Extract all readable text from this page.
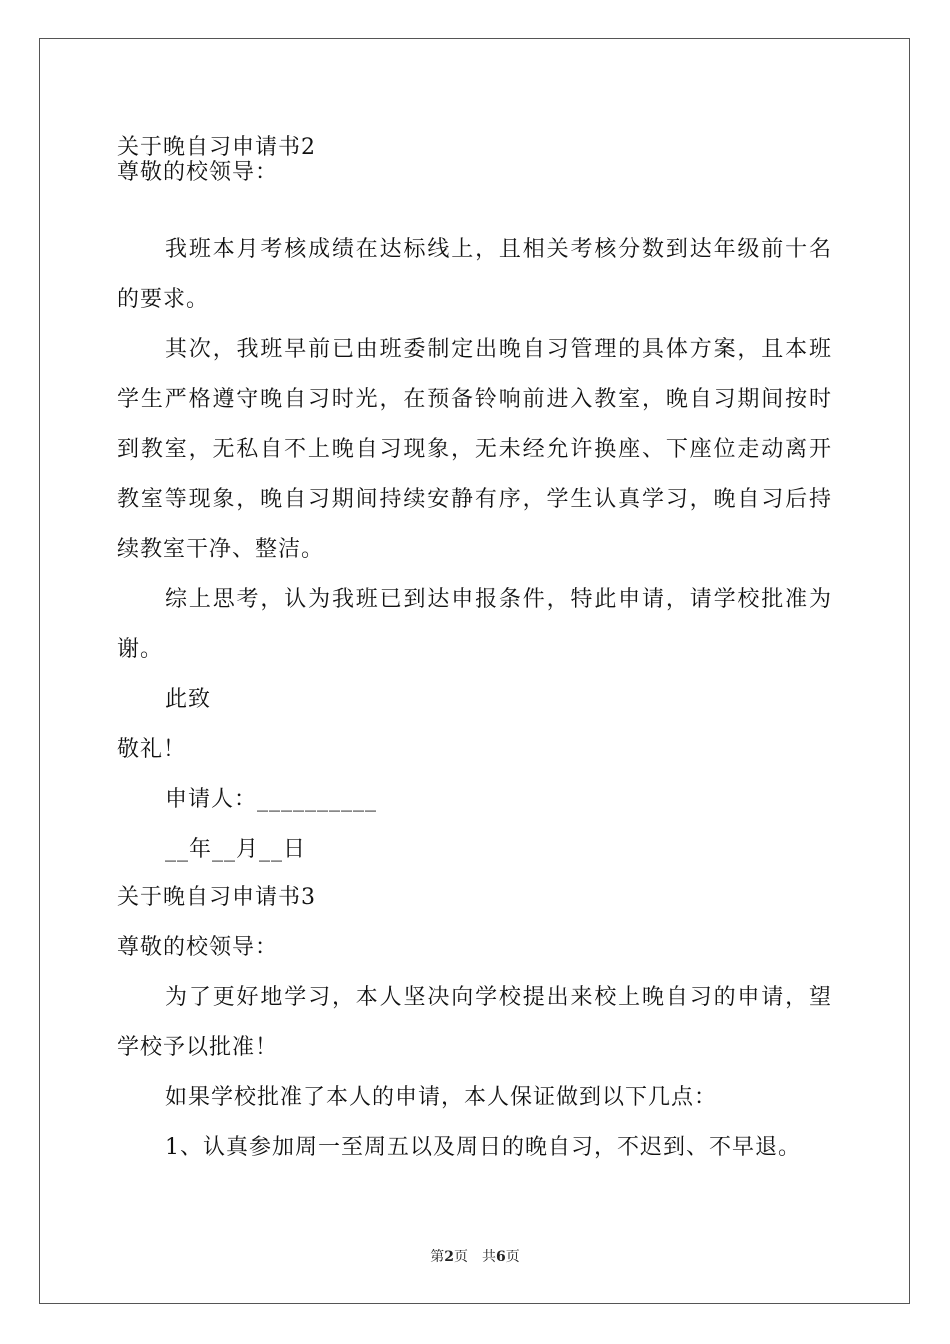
关于晚自习申请书2
尊敬的校领导：
我班本月考核成绩在达标线上，且相关考核分数到达年级前十名
的要求。
其次，我班早前已由班委制定出晚自习管理的具体方案，且本班
学生严格遵守晚自习时光，在预备铃响前进入教室，晚自习期间按时
到教室，无私自不上晚自习现象，无未经允许换座、下座位走动离开
教室等现象，晚自习期间持续安静有序，学生认真学习，晚自习后持
续教室干净、整洁。
综上思考，认为我班已到达申报条件，特此申请，请学校批准为
谢。
此致
敬礼！
申请人：__________
__年__月__日
关于晚自习申请书3
尊敬的校领导：
为了更好地学习，本人坚决向学校提出来校上晚自习的申请，望
学校予以批准！
如果学校批准了本人的申请，本人保证做到以下几点：
1、认真参加周一至周五以及周日的晚自习，不迟到、不早退。
第2页　共6页
